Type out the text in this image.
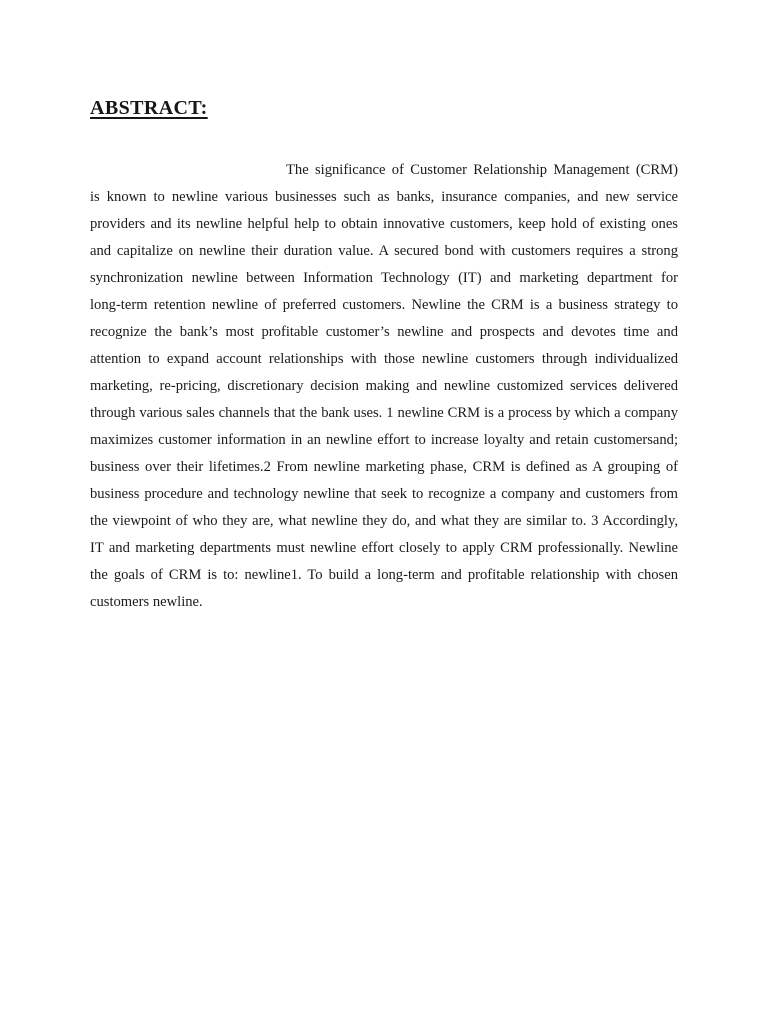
ABSTRACT:
The significance of Customer Relationship Management (CRM)
is known to newline various businesses such as banks, insurance companies, and new service
providers and its newline helpful help to obtain innovative customers, keep hold of existing ones
and capitalize on newline their duration value. A secured bond with customers requires a strong
synchronization newline between Information Technology (IT) and marketing department for
long-term retention newline of preferred customers. Newline the CRM is a business strategy to
recognize the bank’s most profitable customer’s newline and prospects and devotes time and
attention to expand account relationships with those newline customers through individualized
marketing, re-pricing, discretionary decision making and newline customized services delivered
through various sales channels that the bank uses. 1 newline CRM is a process by which a company
maximizes customer information in an newline effort to increase loyalty and retain customersand;
business over their lifetimes.2 From newline marketing phase, CRM is defined as A grouping of
business procedure and technology newline that seek to recognize a company and customers from
the viewpoint of who they are, what newline they do, and what they are similar to. 3 Accordingly,
IT and marketing departments must newline effort closely to apply CRM professionally. Newline
the goals of CRM is to: newline1. To build a long-term and profitable relationship with chosen
customers newline.
